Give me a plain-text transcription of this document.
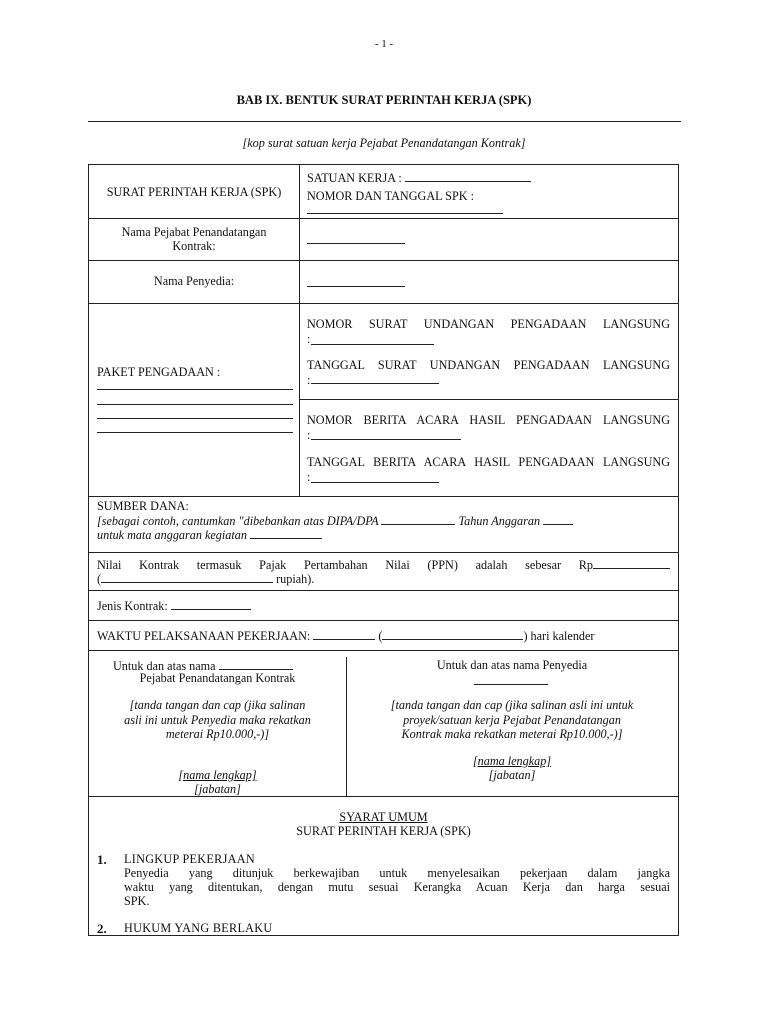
- 1 -
BAB IX. BENTUK SURAT PERINTAH KERJA (SPK)
[kop surat satuan kerja Pejabat Penandatangan Kontrak]
SURAT PERINTAH KERJA (SPK)
SATUAN KERJA :
NOMOR DAN TANGGAL SPK :
Nama Pejabat Penandatangan
Kontrak:
Nama Penyedia:
PAKET PENGADAAN :
NOMOR SURAT UNDANGAN PENGADAAN LANGSUNG
:
TANGGAL SURAT UNDANGAN PENGADAAN LANGSUNG
:
NOMOR BERITA ACARA HASIL PENGADAAN LANGSUNG
:
TANGGAL BERITA ACARA HASIL PENGADAAN LANGSUNG
:
SUMBER DANA:
[sebagai contoh, cantumkan "dibebankan atas DIPA/DPA	Tahun Anggaran
untuk mata anggaran kegiatan
Nilai Kontrak termasuk Pajak Pertambahan Nilai (PPN) adalah sebesar Rp
(	rupiah).
Jenis Kontrak:
WAKTU PELAKSANAAN PEKERJAAN:	(	) hari kalender
Untuk dan atas nama
Pejabat Penandatangan Kontrak
[tanda tangan dan cap (jika salinan
asli ini untuk Penyedia maka rekatkan
meterai Rp10.000,-)]
[nama lengkap]
[jabatan]
Untuk dan atas nama Penyedia
[tanda tangan dan cap (jika salinan asli ini untuk
proyek/satuan kerja Pejabat Penandatangan
Kontrak maka rekatkan meterai Rp10.000,-)]
[nama lengkap]
[jabatan]
SYARAT UMUM
SURAT PERINTAH KERJA (SPK)
1. LINGKUP PEKERJAAN
Penyedia yang ditunjuk berkewajiban untuk menyelesaikan pekerjaan dalam jangka
waktu yang ditentukan, dengan mutu sesuai Kerangka Acuan Kerja dan harga sesuai
SPK.
2. HUKUM YANG BERLAKU
